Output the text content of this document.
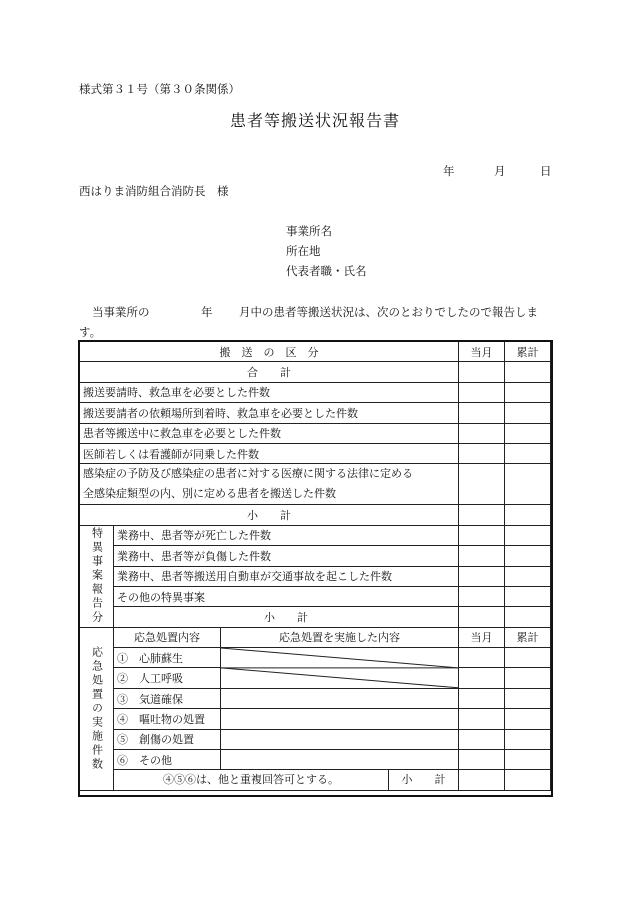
様式第３１号（第３０条関係）
患者等搬送状況報告書
年	月	日
西はりま消防組合消防長　様
事業所名
所在地
代表者職・氏名
当事業所の	年 月中の患者等搬送状況は、次のとおりでしたので報告しま
す。
搬　送　の　区　分			当月	累計
合　　計				
搬送要請時、救急車を必要とした件数				
搬送要請者の依頼場所到着時、救急車を必要とした件数				
患者等搬送中に救急車を必要とした件数				
医師若しくは看護師が同乗した件数				
感染症の予防及び感染症の患者に対する医療に関する法律に定める
全感染症類型の内、別に定める患者を搬送した件数				
小　　計				
特異事案報告分	業務中、患者等が死亡した件数			
	業務中、患者等が負傷した件数			
	業務中、患者等搬送用自動車が交通事故を起こした件数			
	その他の特異事案			
	小　　計			
応急処置の実施件数	応急処置内容	応急処置を実施した内容	当月	累計
	①　心肺蘇生	

	②　人工呼吸			
	③　気道確保			
	④　嘔吐物の処置			
	⑤　創傷の処置			
	⑥　その他			

	④⑤⑥は、他と重複回答可とする。 小　　計			
